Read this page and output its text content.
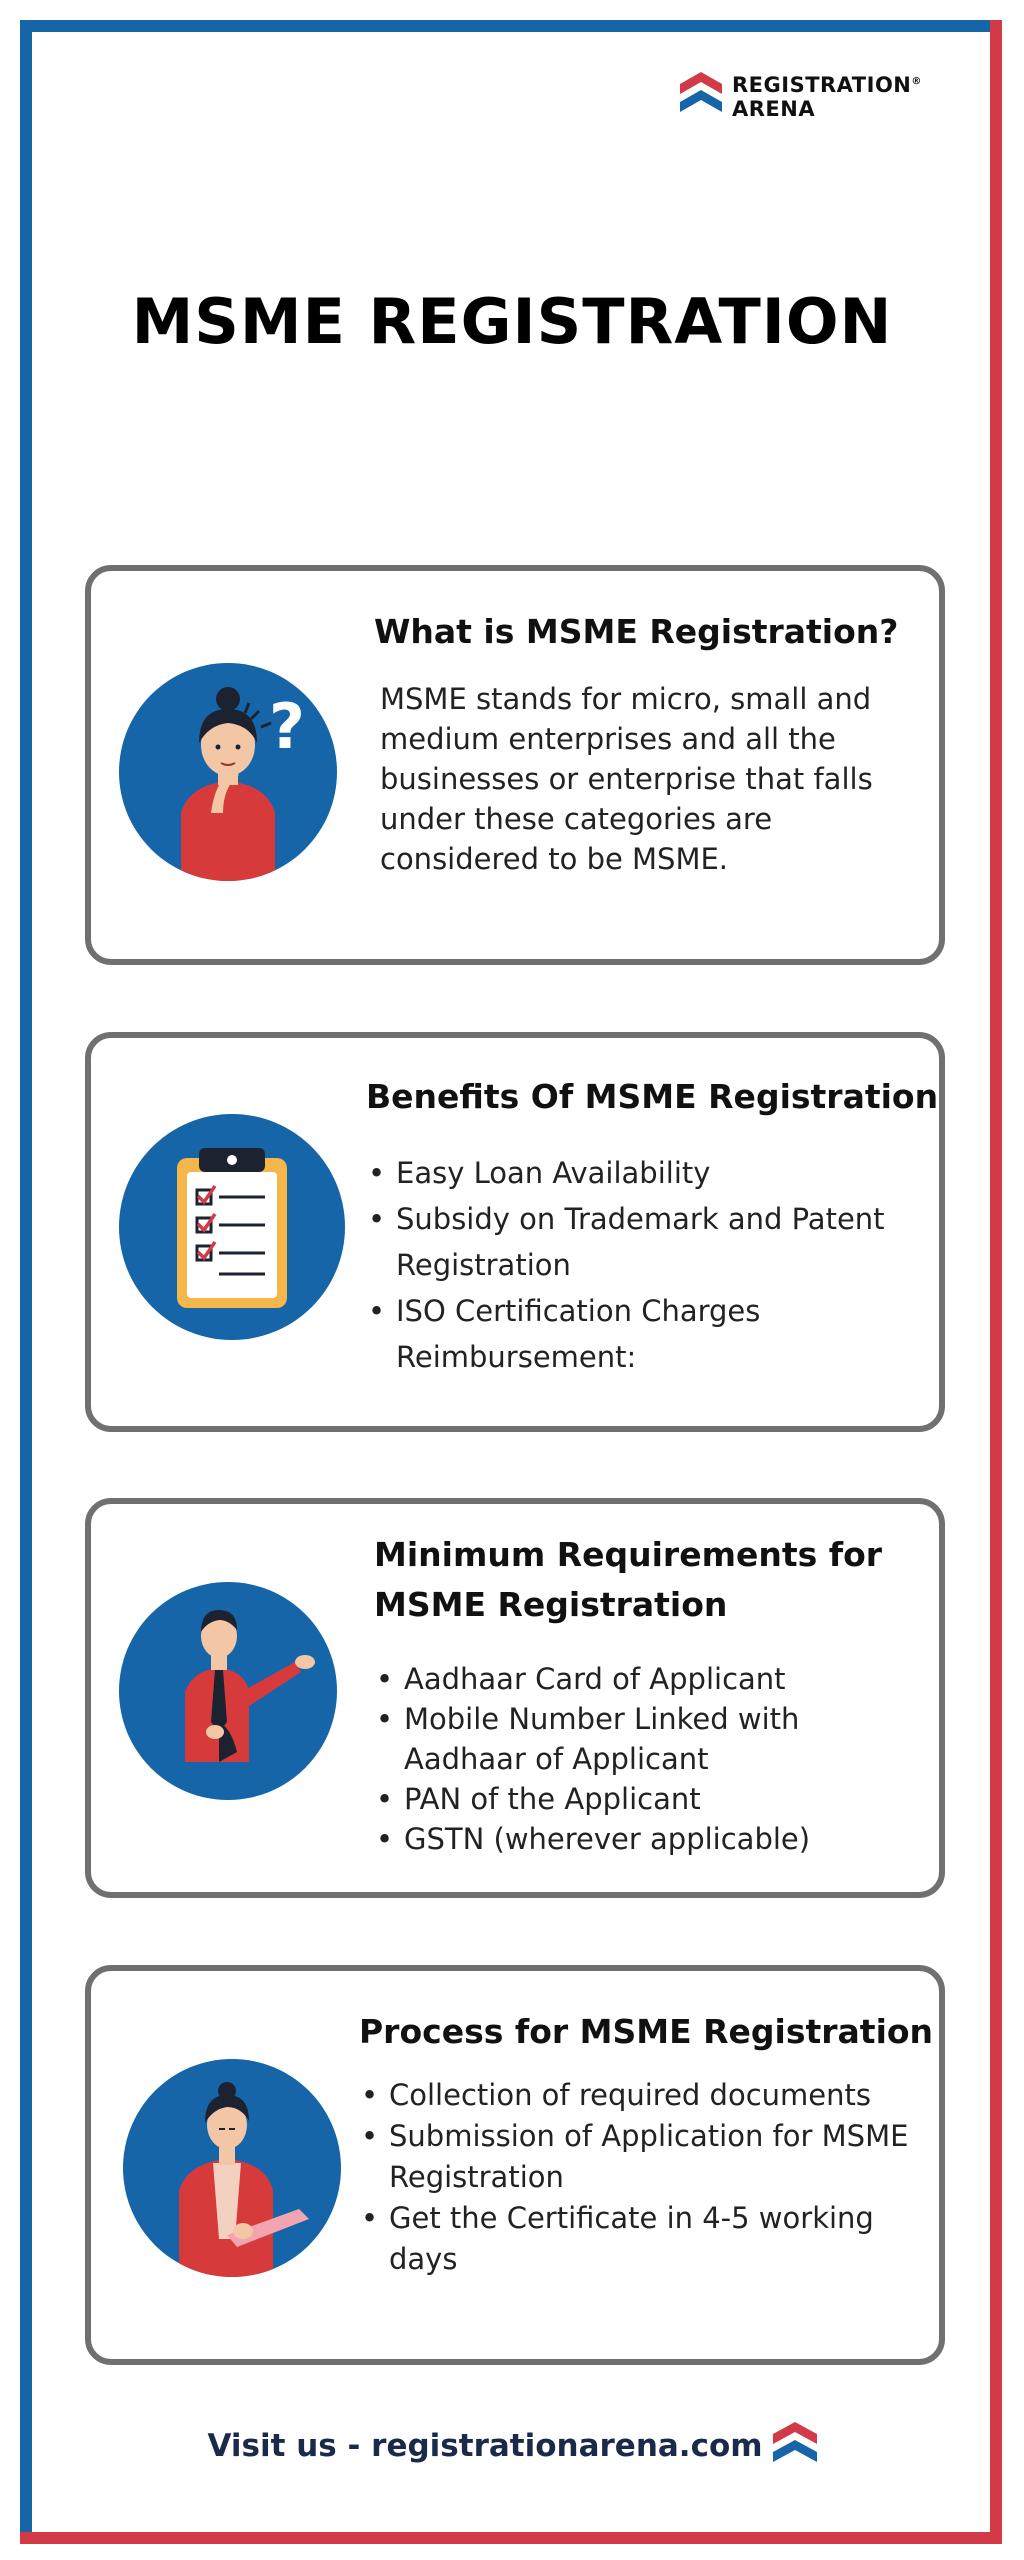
REGISTRATION®
ARENA
MSME REGISTRATION
?
What is MSME Registration?

MSME stands for micro, small and medium enterprises and all the businesses or enterprise that falls under these categories are considered to be MSME.

Benefits Of MSME Registration
• Easy Loan Availability
• Subsidy on Trademark and Patent Registration
• ISO Certification Charges Reimbursement:
Minimum Requirements for MSME Registration
• Aadhaar Card of Applicant
• Mobile Number Linked with Aadhaar of Applicant
• PAN of the Applicant
• GSTN (wherever applicable)
Process for MSME Registration
• Collection of required documents
• Submission of Application for MSME Registration
• Get the Certificate in 4-5 working days
Visit us - registrationarena.com
